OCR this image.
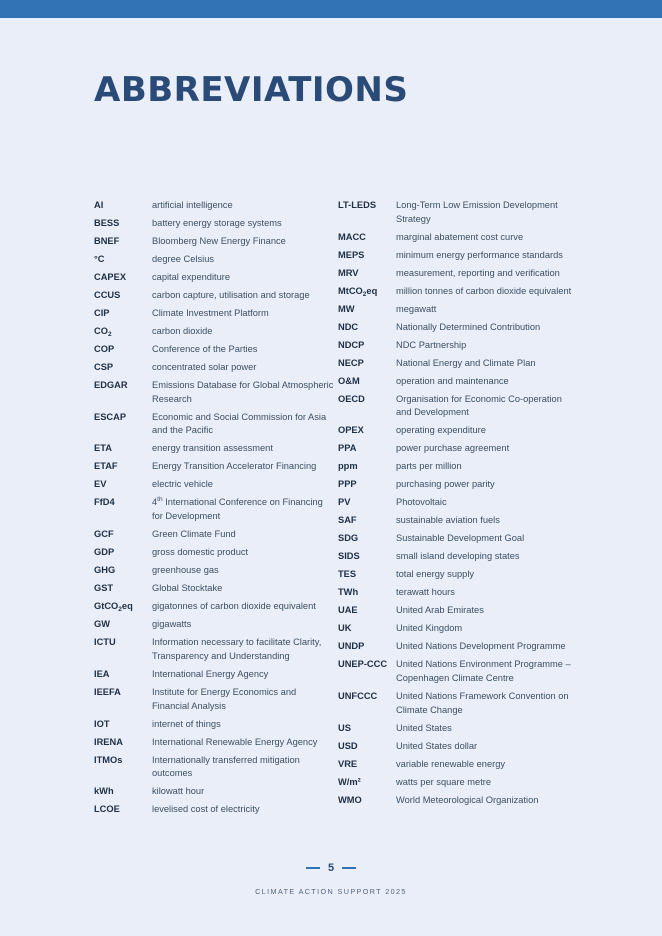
ABBREVIATIONS
AI	artificial intelligence
BESS	battery energy storage systems
BNEF	Bloomberg New Energy Finance
°C	degree Celsius
CAPEX	capital expenditure
CCUS	carbon capture, utilisation and storage
CIP	Climate Investment Platform
$CO_2$	carbon dioxide
COP	Conference of the Parties
CSP	concentrated solar power
EDGAR	Emissions Database for Global Atmospheric Research
ESCAP	Economic and Social Commission for Asia and the Pacific
ETA	energy transition assessment
ETAF	Energy Transition Accelerator Financing
EV	electric vehicle
FfD4	4th International Conference on Financing for Development
GCF	Green Climate Fund
GDP	gross domestic product
GHG	greenhouse gas
GST	Global Stocktake
GtCO$_2$eq	gigatonnes of carbon dioxide equivalent
GW	gigawatts
ICTU	Information necessary to facilitate Clarity, Transparency and Understanding
IEA	International Energy Agency
IEEFA	Institute for Energy Economics and Financial Analysis
IOT	internet of things
IRENA	International Renewable Energy Agency
ITMOs	Internationally transferred mitigation outcomes
kWh	kilowatt hour
LCOE	levelised cost of electricity
LT-LEDS	Long-Term Low Emission Development Strategy
MACC	marginal abatement cost curve
MEPS	minimum energy performance standards
MRV	measurement, reporting and verification
MtCO$_2$eq	million tonnes of carbon dioxide equivalent
MW	megawatt
NDC	Nationally Determined Contribution
NDCP	NDC Partnership
NECP	National Energy and Climate Plan
O&M	operation and maintenance
OECD	Organisation for Economic Co-operation and Development
OPEX	operating expenditure
PPA	power purchase agreement
ppm	parts per million
PPP	purchasing power parity
PV	Photovoltaic
SAF	sustainable aviation fuels
SDG	Sustainable Development Goal
SIDS	small island developing states
TES	total energy supply
TWh	terawatt hours
UAE	United Arab Emirates
UK	United Kingdom
UNDP	United Nations Development Programme
UNEP-CCC United Nations Environment Programme – Copenhagen Climate Centre
UNFCCC	United Nations Framework Convention on Climate Change
US	United States
USD	United States dollar
VRE	variable renewable energy
W/m²	watts per square metre
WMO	World Meteorological Organization
5
CLIMATE ACTION SUPPORT 2025
